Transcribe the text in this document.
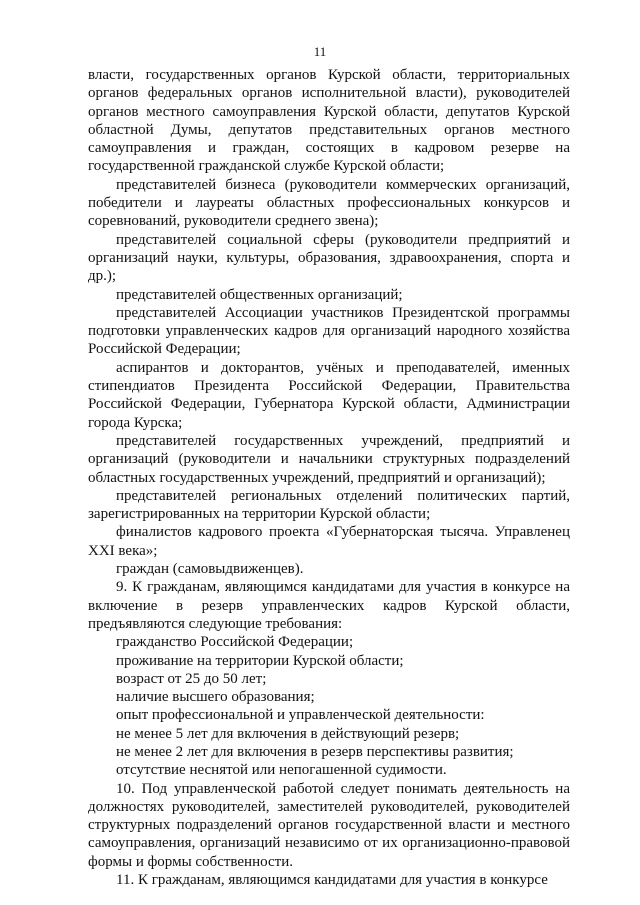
11

власти, государственных органов Курской области, территориальных органов федеральных органов исполнительной власти), руководителей органов местного самоуправления Курской области, депутатов Курской областной Думы, депутатов представительных органов местного самоуправления и граждан, состоящих в кадровом резерве на государственной гражданской службе Курской области;

представителей бизнеса (руководители коммерческих организаций, победители и лауреаты областных профессиональных конкурсов и соревнований, руководители среднего звена);

представителей социальной сферы (руководители предприятий и организаций науки, культуры, образования, здравоохранения, спорта и др.);

представителей общественных организаций;

представителей Ассоциации участников Президентской программы подготовки управленческих кадров для организаций народного хозяйства Российской Федерации;

аспирантов и докторантов, учёных и преподавателей, именных стипендиатов Президента Российской Федерации, Правительства Российской Федерации, Губернатора Курской области, Администрации города Курска;

представителей государственных учреждений, предприятий и организаций (руководители и начальники структурных подразделений областных государственных учреждений, предприятий и организаций);

представителей региональных отделений политических партий, зарегистрированных на территории Курской области;

финалистов кадрового проекта «Губернаторская тысяча. Управленец XXI века»;

граждан (самовыдвиженцев).

9. К гражданам, являющимся кандидатами для участия в конкурсе на включение в резерв управленческих кадров Курской области, предъявляются следующие требования:

гражданство Российской Федерации;

проживание на территории Курской области;

возраст от 25 до 50 лет;

наличие высшего образования;

опыт профессиональной и управленческой деятельности:

не менее 5 лет для включения в действующий резерв;

не менее 2 лет для включения в резерв перспективы развития;

отсутствие неснятой или непогашенной судимости.

10. Под управленческой работой следует понимать деятельность на должностях руководителей, заместителей руководителей, руководителей структурных подразделений органов государственной власти и местного самоуправления, организаций независимо от их организационно-правовой формы и формы собственности.

11. К гражданам, являющимся кандидатами для участия в конкурсе
